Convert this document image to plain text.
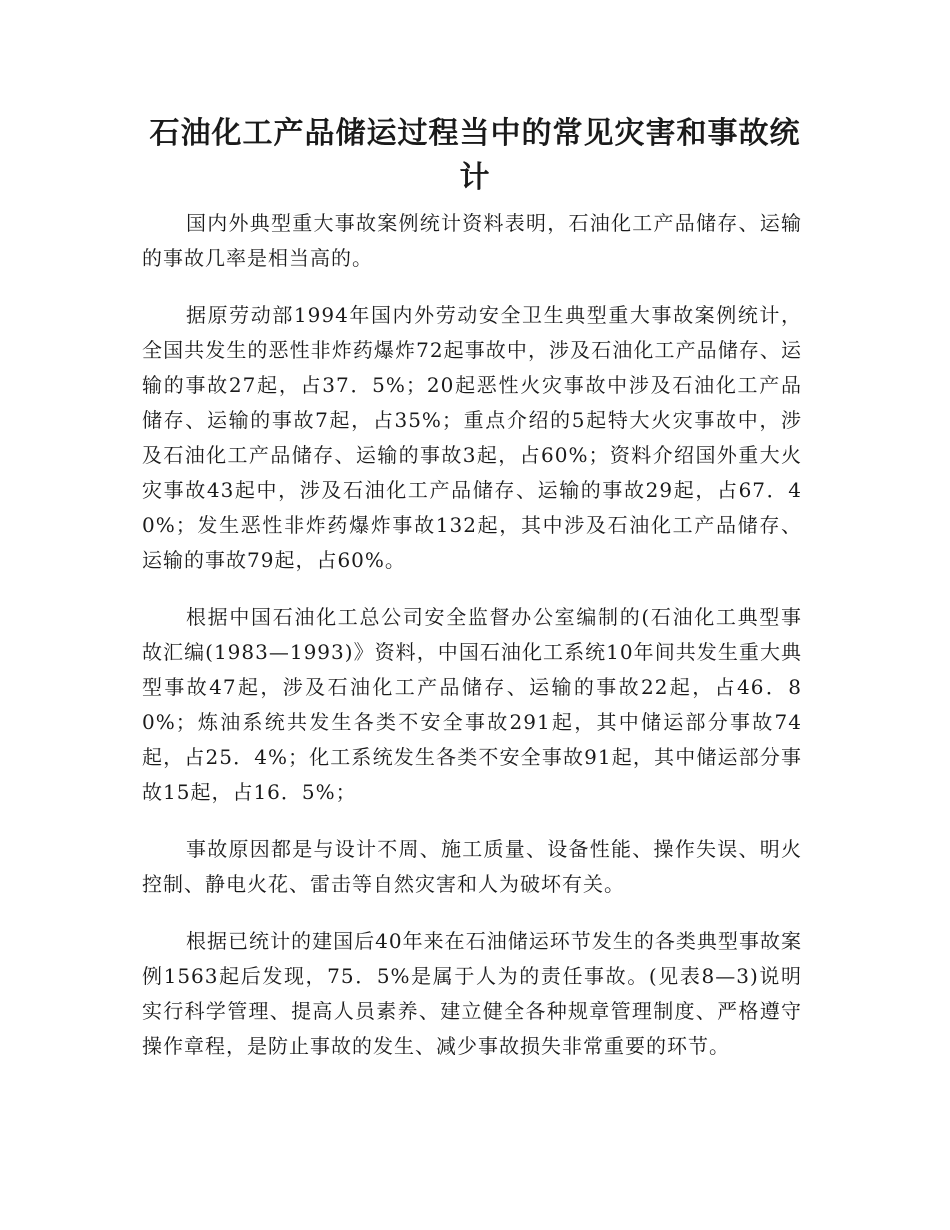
石油化工产品储运过程当中的常见灾害和事故统计

国内外典型重大事故案例统计资料表明，石油化工产品储存、运输的事故几率是相当高的。

据原劳动部1994年国内外劳动安全卫生典型重大事故案例统计，全国共发生的恶性非炸药爆炸72起事故中，涉及石油化工产品储存、运输的事故27起，占37．5%；20起恶性火灾事故中涉及石油化工产品储存、运输的事故7起，占35%；重点介绍的5起特大火灾事故中，涉及石油化工产品储存、运输的事故3起，占60%；资料介绍国外重大火灾事故43起中，涉及石油化工产品储存、运输的事故29起，占67．40%；发生恶性非炸药爆炸事故132起，其中涉及石油化工产品储存、运输的事故79起，占60%。

根据中国石油化工总公司安全监督办公室编制的(石油化工典型事故汇编(1983—1993)》资料，中国石油化工系统10年间共发生重大典型事故47起，涉及石油化工产品储存、运输的事故22起，占46．80%；炼油系统共发生各类不安全事故291起，其中储运部分事故74起，占25．4%；化工系统发生各类不安全事故91起，其中储运部分事故15起，占16．5%；

事故原因都是与设计不周、施工质量、设备性能、操作失误、明火控制、静电火花、雷击等自然灾害和人为破坏有关。

根据已统计的建国后40年来在石油储运环节发生的各类典型事故案例1563起后发现，75．5%是属于人为的责任事故。(见表8—3)说明实行科学管理、提高人员素养、建立健全各种规章管理制度、严格遵守操作章程，是防止事故的发生、减少事故损失非常重要的环节。
